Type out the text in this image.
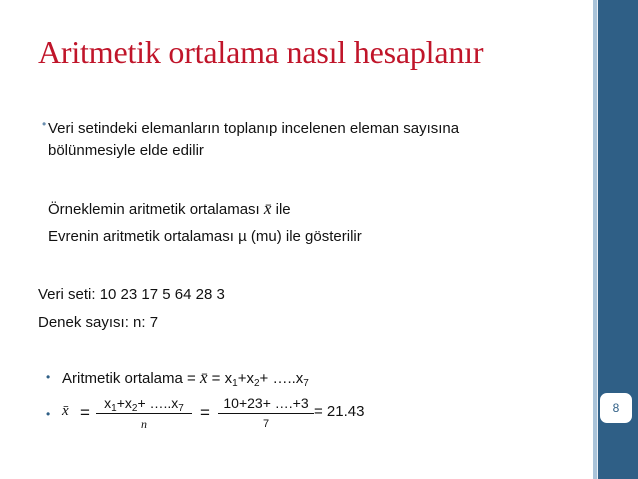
Aritmetik ortalama nasıl hesaplanır
• Veri setindeki elemanların toplanıp incelenen eleman sayısına
bölünmesiyle elde edilir
Örneklemin aritmetik ortalaması x̄ ile
Evrenin aritmetik ortalaması µ (mu) ile gösterilir
Veri seti: 10 23 17 5 64 28 3
Denek sayısı: n: 7
• Aritmetik ortalama = x̄ = $x_1+x_2+$ $\dots..x_7$
• x̄ =	$x_1+x_2+$ $\dots..x_7$
n
= 10+23+ ….+3
7
= 21.43	8
